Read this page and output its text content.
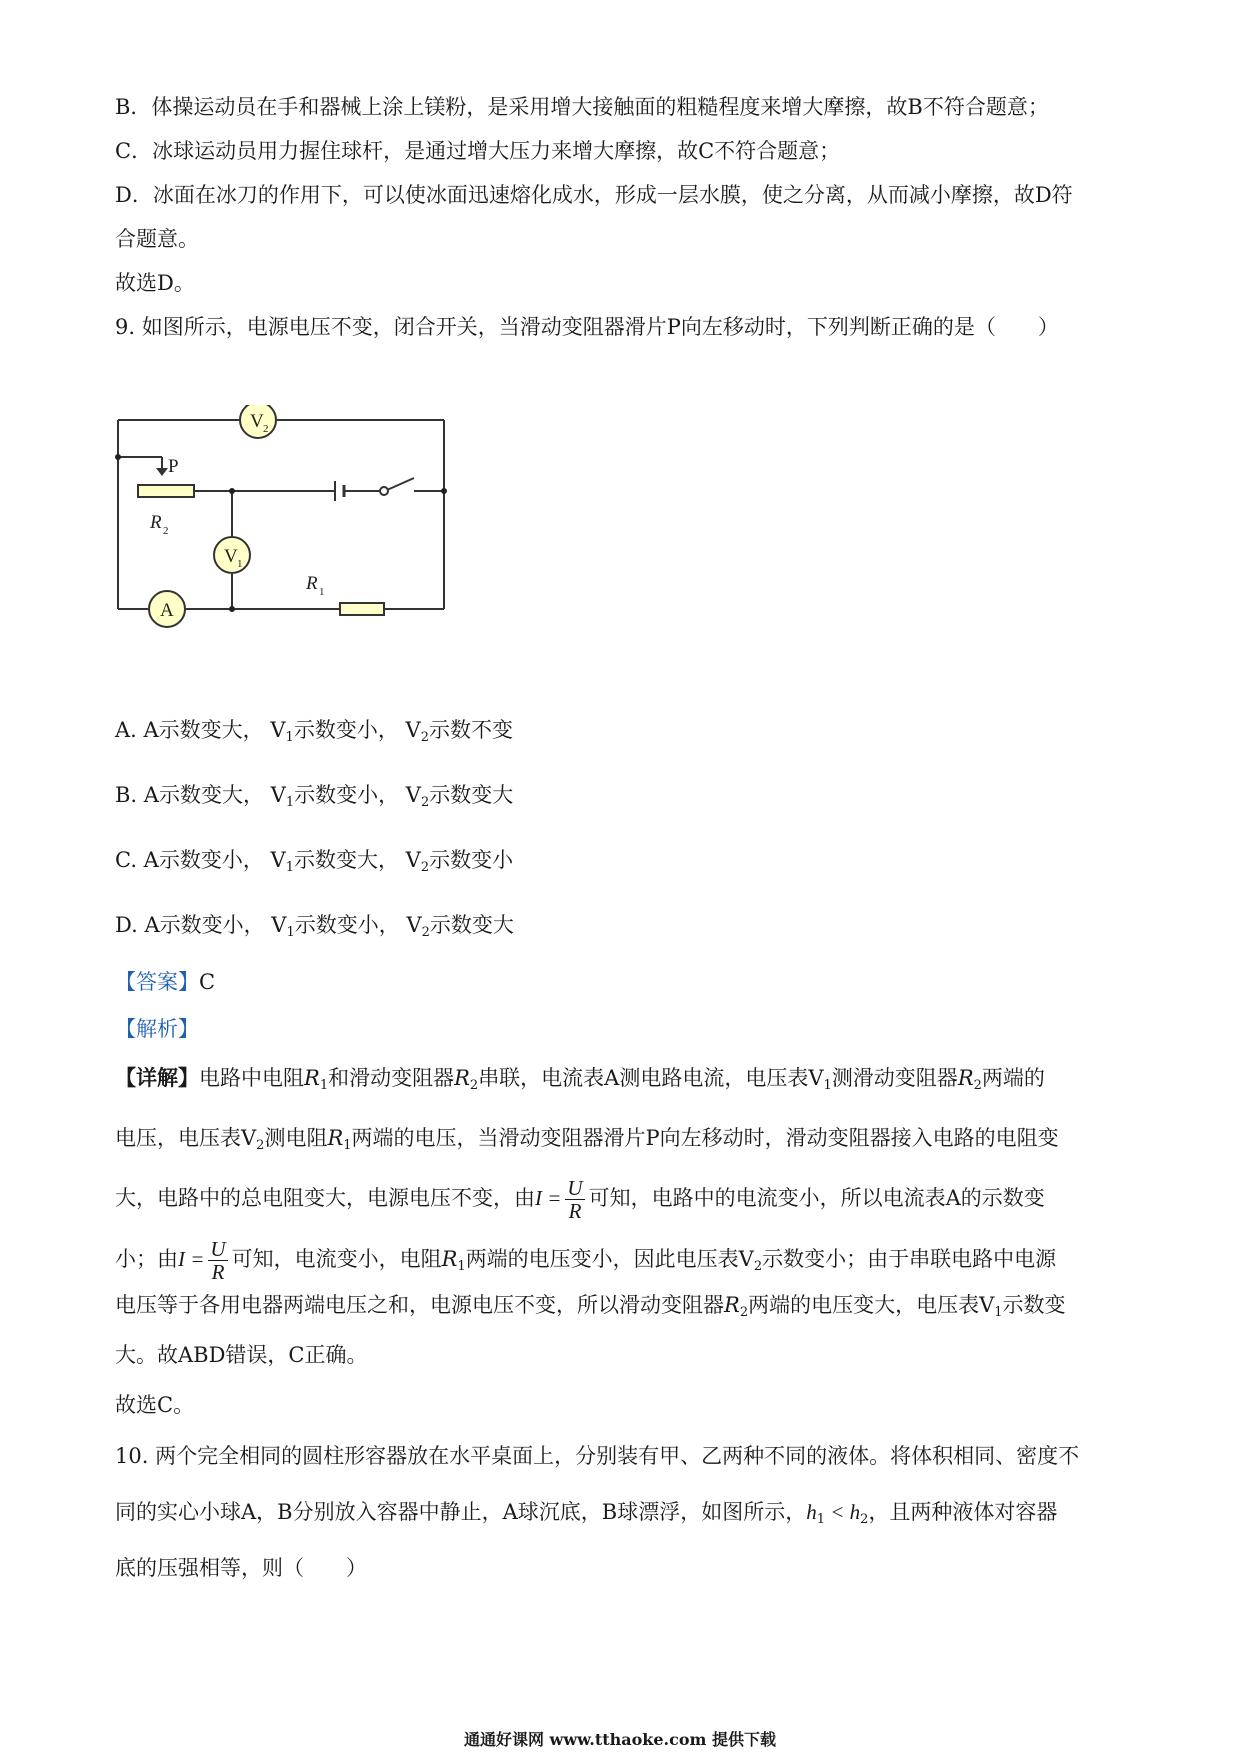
B．体操运动员在手和器械上涂上镁粉，是采用增大接触面的粗糙程度来增大摩擦，故B不符合题意；
C．冰球运动员用力握住球杆，是通过增大压力来增大摩擦，故C不符合题意；
D．冰面在冰刀的作用下，可以使冰面迅速熔化成水，形成一层水膜，使之分离，从而减小摩擦，故D符
合题意。
故选D。
9. 如图所示，电源电压不变，闭合开关，当滑动变阻器滑片P向左移动时，下列判断正确的是（　　）
V 2
V 1
A
P
R 2
R 1
A. A示数变大， $V_1$示数变小， $V_2$示数不变
B. A示数变大， $V_1$示数变小， $V_2$示数变大
C. A示数变小， $V_1$示数变大， $V_2$示数变小
D. A示数变小， $V_1$示数变小， $V_2$示数变大
【答案】C
【解析】
【详解】电路中电阻$R_1$和滑动变阻器$R_2$串联，电流表A测电路电流，电压表$V_1$测滑动变阻器$R_2$两端的
电压，电压表$V_2$测电阻$R_1$两端的电压，当滑动变阻器滑片P向左移动时，滑动变阻器接入电路的电阻变
大，电路中的总电阻变大，电源电压不变，由$I = \frac{U}{R}$ 可知，电路中的电流变小，所以电流表A的示数变
小；由$I = \frac{U}{R}$ 可知，电流变小，电阻$R_1$两端的电压变小，因此电压表$V_2$示数变小；由于串联电路中电源
电压等于各用电器两端电压之和，电源电压不变，所以滑动变阻器$R_2$两端的电压变大，电压表$V_1$示数变
大。故ABD错误，C正确。
故选C。
10. 两个完全相同的圆柱形容器放在水平桌面上，分别装有甲、乙两种不同的液体。将体积相同、密度不
同的实心小球A，B分别放入容器中静止，A球沉底，B球漂浮，如图所示，$h_1 < h_2$，且两种液体对容器
底的压强相等，则（　　）
通通好课网 www.tthaoke.com 提供下载
